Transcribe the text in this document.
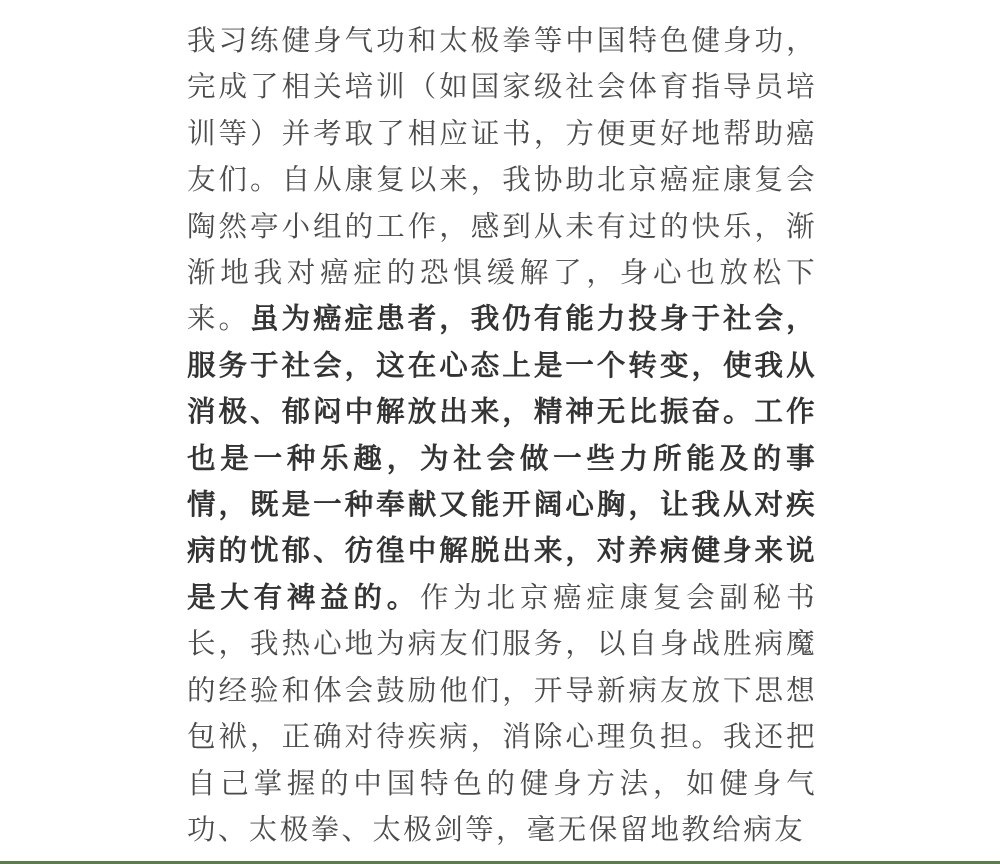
我习练健身气功和太极拳等中国特色健身功，完成了相关培训（如国家级社会体育指导员培训等）并考取了相应证书，方便更好地帮助癌友们。自从康复以来，我协助北京癌症康复会陶然亭小组的工作，感到从未有过的快乐，渐渐地我对癌症的恐惧缓解了，身心也放松下来。虽为癌症患者，我仍有能力投身于社会，服务于社会，这在心态上是一个转变，使我从消极、郁闷中解放出来，精神无比振奋。工作也是一种乐趣，为社会做一些力所能及的事情，既是一种奉献又能开阔心胸，让我从对疾病的忧郁、彷徨中解脱出来，对养病健身来说是大有裨益的。作为北京癌症康复会副秘书长，我热心地为病友们服务，以自身战胜病魔的经验和体会鼓励他们，开导新病友放下思想包袱，正确对待疾病，消除心理负担。我还把自己掌握的中国特色的健身方法，如健身气功、太极拳、太极剑等，毫无保留地教给病友
